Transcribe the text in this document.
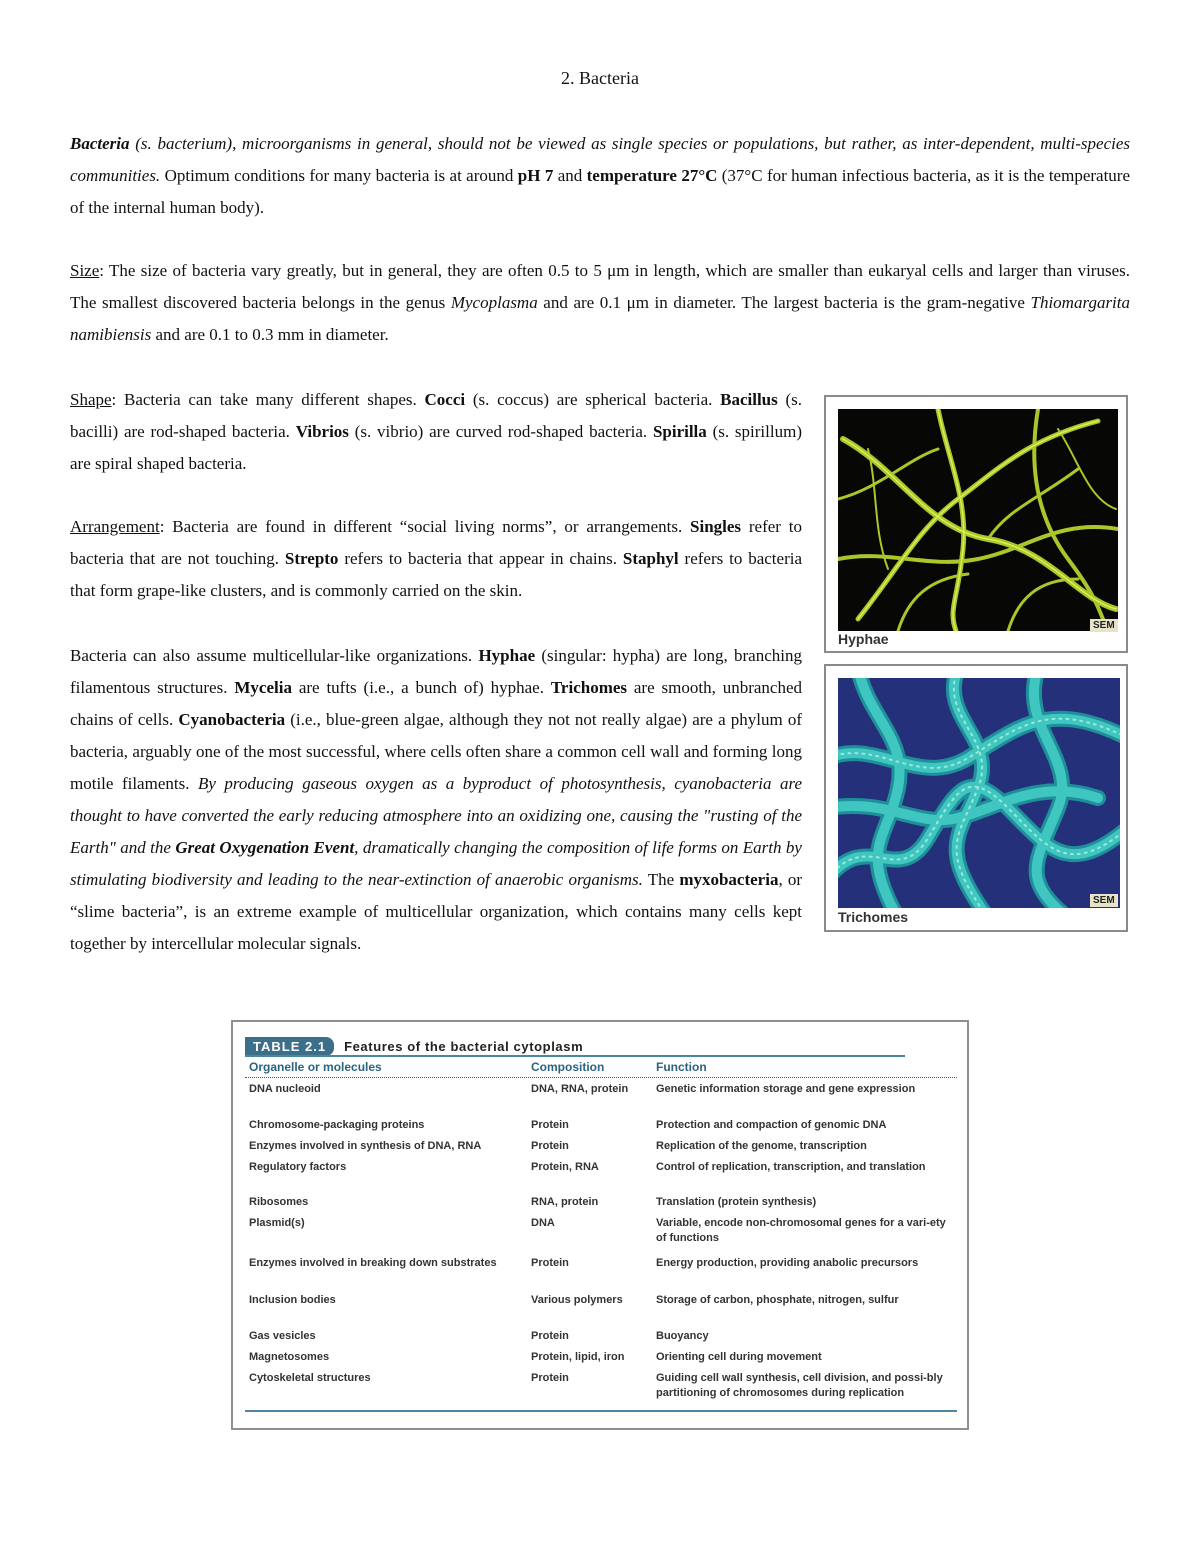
2. Bacteria

Bacteria (s. bacterium), microorganisms in general, should not be viewed as single species or populations, but rather, as inter-dependent, multi-species communities. Optimum conditions for many bacteria is at around pH 7 and temperature 27°C (37°C for human infectious bacteria, as it is the temperature of the internal human body).

Size: The size of bacteria vary greatly, but in general, they are often 0.5 to 5 μm in length, which are smaller than eukaryal cells and larger than viruses. The smallest discovered bacteria belongs in the genus Mycoplasma and are 0.1 μm in diameter. The largest bacteria is the gram-negative Thiomargarita namibiensis and are 0.1 to 0.3 mm in diameter.

Shape: Bacteria can take many different shapes. Cocci (s. coccus) are spherical bacteria. Bacillus (s. bacilli) are rod-shaped bacteria. Vibrios (s. vibrio) are curved rod-shaped bacteria. Spirilla (s. spirillum) are spiral shaped bacteria.

Arrangement: Bacteria are found in different “social living norms”, or arrangements. Singles refer to bacteria that are not touching. Strepto refers to bacteria that appear in chains. Staphyl refers to bacteria that form grape-like clusters, and is commonly carried on the skin.

Bacteria can also assume multicellular-like organizations. Hyphae (singular: hypha) are long, branching filamentous structures. Mycelia are tufts (i.e., a bunch of) hyphae. Trichomes are smooth, unbranched chains of cells. Cyanobacteria (i.e., blue-green algae, although they not not really algae) are a phylum of bacteria, arguably one of the most successful, where cells often share a common cell wall and forming long motile filaments. By producing gaseous oxygen as a byproduct of photosynthesis, cyanobacteria are thought to have converted the early reducing atmosphere into an oxidizing one, causing the "rusting of the Earth" and the Great Oxygenation Event, dramatically changing the composition of life forms on Earth by stimulating biodiversity and leading to the near-extinction of anaerobic organisms. The myxobacteria, or “slime bacteria”, is an extreme example of multicellular organization, which contains many cells kept together by intercellular molecular signals.

SEM
Hyphae
SEM
Trichomes
TABLE 2.1	Features of the bacterial cytoplasm
Organelle or molecules	Composition	Function
DNA nucleoid	DNA, RNA, protein	Genetic information storage and gene expression
Chromosome-packaging proteins	Protein	Protection and compaction of genomic DNA
Enzymes involved in synthesis of DNA, RNA	Protein	Replication of the genome, transcription
Regulatory factors	Protein, RNA	Control of replication, transcription, and translation
Ribosomes	RNA, protein	Translation (protein synthesis)
Plasmid(s)	DNA	Variable, encode non-chromosomal genes for a vari-ety of functions
Enzymes involved in breaking down substrates	Protein	Energy production, providing anabolic precursors
Inclusion bodies	Various polymers	Storage of carbon, phosphate, nitrogen, sulfur
Gas vesicles	Protein	Buoyancy
Magnetosomes	Protein, lipid, iron	Orienting cell during movement
Cytoskeletal structures	Protein	Guiding cell wall synthesis, cell division, and possi-bly partitioning of chromosomes during replication
